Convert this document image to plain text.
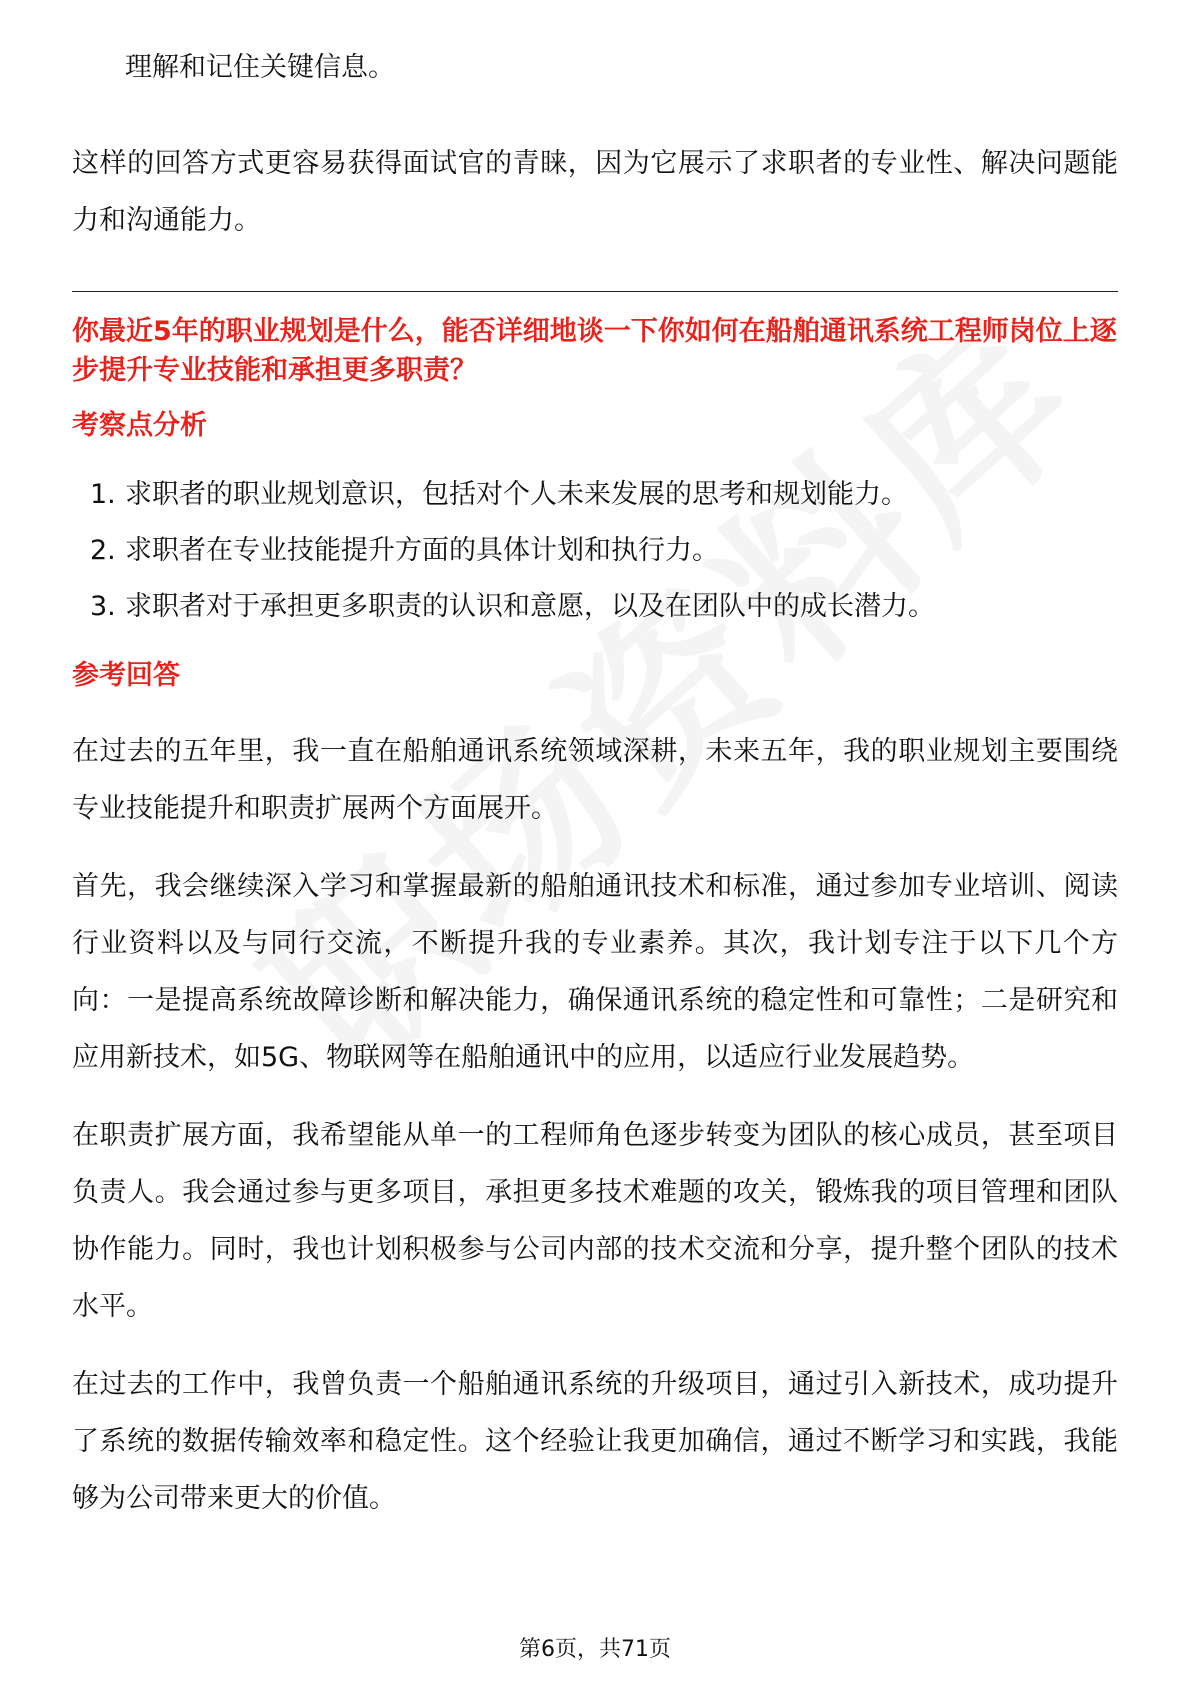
理解和记住关键信息。

这样的回答方式更容易获得面试官的青睐，因为它展示了求职者的专业性、解决问题能力和沟通能力。

你最近5年的职业规划是什么，能否详细地谈一下你如何在船舶通讯系统工程师岗位上逐步提升专业技能和承担更多职责？

考察点分析

1. 求职者的职业规划意识，包括对个人未来发展的思考和规划能力。
2. 求职者在专业技能提升方面的具体计划和执行力。
3. 求职者对于承担更多职责的认识和意愿，以及在团队中的成长潜力。

参考回答

在过去的五年里，我一直在船舶通讯系统领域深耕，未来五年，我的职业规划主要围绕专业技能提升和职责扩展两个方面展开。

首先，我会继续深入学习和掌握最新的船舶通讯技术和标准，通过参加专业培训、阅读行业资料以及与同行交流，不断提升我的专业素养。其次，我计划专注于以下几个方向：一是提高系统故障诊断和解决能力，确保通讯系统的稳定性和可靠性；二是研究和应用新技术，如5G、物联网等在船舶通讯中的应用，以适应行业发展趋势。

在职责扩展方面，我希望能从单一的工程师角色逐步转变为团队的核心成员，甚至项目负责人。我会通过参与更多项目，承担更多技术难题的攻关，锻炼我的项目管理和团队协作能力。同时，我也计划积极参与公司内部的技术交流和分享，提升整个团队的技术水平。

在过去的工作中，我曾负责一个船舶通讯系统的升级项目，通过引入新技术，成功提升了系统的数据传输效率和稳定性。这个经验让我更加确信，通过不断学习和实践，我能够为公司带来更大的价值。

第6页，共71页
